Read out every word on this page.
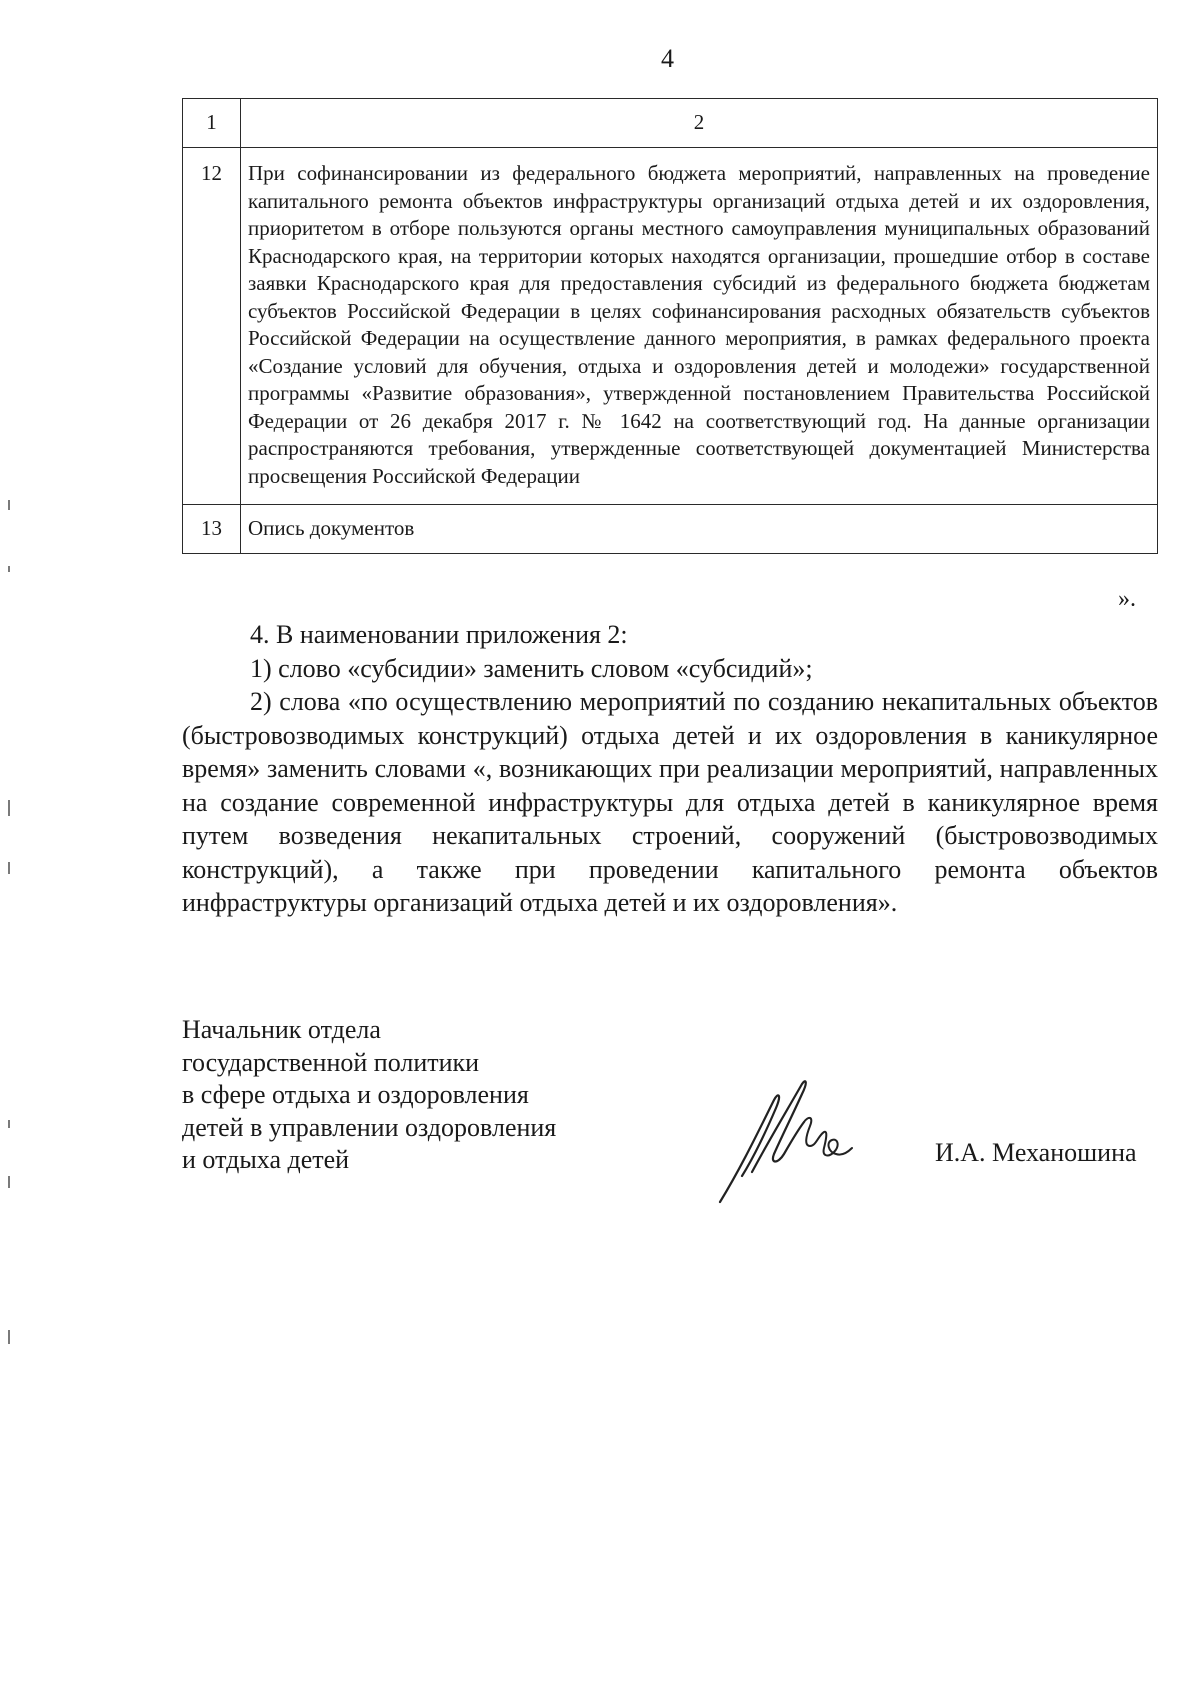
4
1	2
12	При софинансировании из федерального бюджета мероприятий, направленных на проведение капитального ремонта объектов инфраструктуры организаций отдыха детей и их оздоровления, приоритетом в отборе пользуются органы местного самоуправления муниципальных образований Краснодарского края, на территории которых находятся организации, прошедшие отбор в составе заявки Краснодарского края для предоставления субсидий из федерального бюджета бюджетам субъектов Российской Федерации в целях софинансирования расходных обязательств субъектов Российской Федерации на осуществление данного мероприятия, в рамках федерального проекта «Создание условий для обучения, отдыха и оздоровления детей и молодежи» государственной программы «Развитие образования», утвержденной постановлением Правительства Российской Федерации от 26 декабря 2017 г. № 1642 на соответствующий год. На данные организации распространяются требования, утвержденные соответствующей документацией Министерства просвещения Российской Федерации
13	Опись документов
».

4. В наименовании приложения 2:

1) слово «субсидии» заменить словом «субсидий»;

2) слова «по осуществлению мероприятий по созданию некапитальных объектов (быстровозводимых конструкций) отдыха детей и их оздоровления в каникулярное время» заменить словами «, возникающих при реализации мероприятий, направленных на создание современной инфраструктуры для отдыха детей в каникулярное время путем возведения некапитальных строений, сооружений (быстровозводимых конструкций), а также при проведении капитального ремонта объектов инфраструктуры организаций отдыха детей и их оздоровления».

Начальник отдела
государственной политики
в сфере отдыха и оздоровления
детей в управлении оздоровления
и отдыха детей	И.А. Механошина
